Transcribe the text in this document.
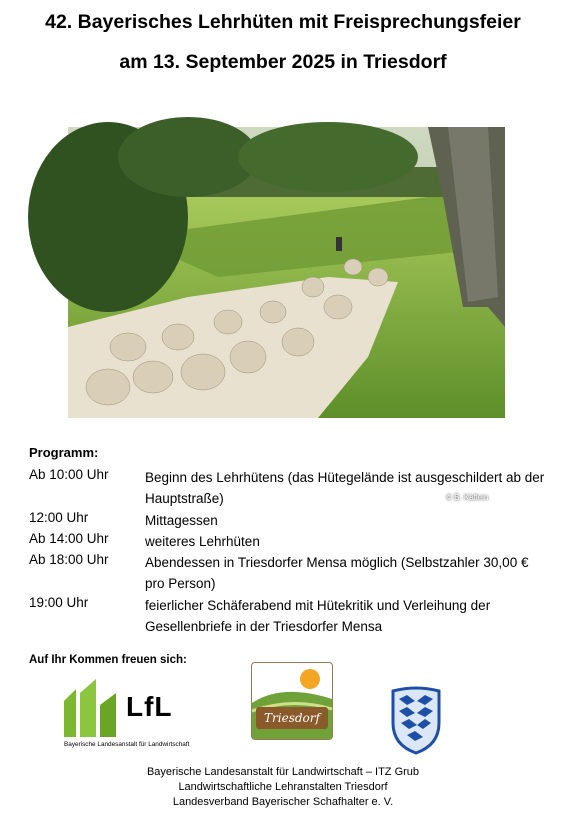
42. Bayerisches Lehrhüten mit Freisprechungsfeier
am 13. September 2025 in Triesdorf
© B. Käflein
Programm:
Ab 10:00 Uhr	Beginn des Lehrhütens (das Hütegelände ist ausgeschildert ab der Hauptstraße)
12:00 Uhr	Mittagessen
Ab 14:00 Uhr	weiteres Lehrhüten
Ab 18:00 Uhr	Abendessen in Triesdorfer Mensa möglich (Selbstzahler 30,00 € pro Person)
19:00 Uhr	feierlicher Schäferabend mit Hütekritik und Verleihung der Gesellenbriefe in der Triesdorfer Mensa
Auf Ihr Kommen freuen sich:
LfL
Bayerische Landesanstalt für Landwirtschaft
Triesdorf
Bayerische Landesanstalt für Landwirtschaft – ITZ Grub
Landwirtschaftliche Lehranstalten Triesdorf
Landesverband Bayerischer Schafhalter e. V.
